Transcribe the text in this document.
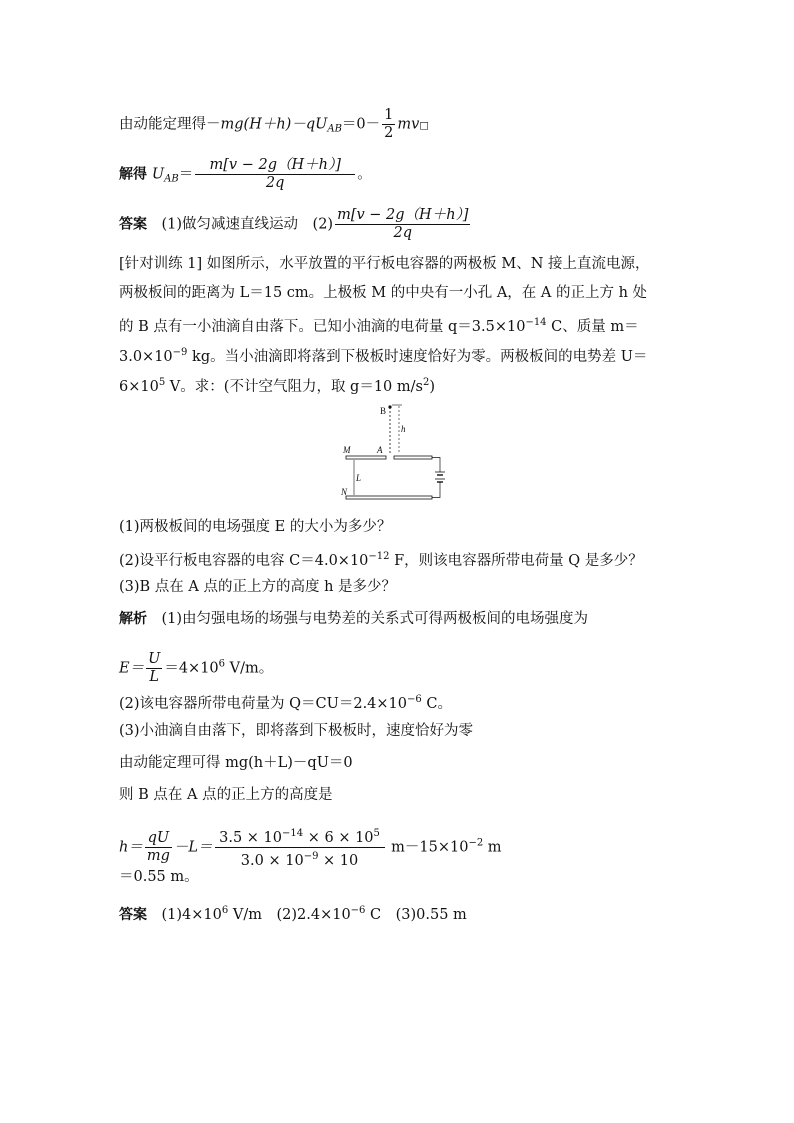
由动能定理得$-mg(H+h)-qU_{AB}=0- \frac{1}{2}$ mv□
解得 $U_{AB}= \frac{m[v - 2g(H+h)]}{2q}$ 。
答案　 (1)做匀减速直线运动　$(2) \frac{m[v - 2g(H+h)]}{2q}$
[针对训练 1] 如图所示，水平放置的平行板电容器的两极板 M、N 接上直流电源，
两极板间的距离为 L＝15 cm。上极板 M 的中央有一小孔 A，在 A 的正上方 h 处
的 B 点有一小油滴自由落下。已知小油滴的电荷量 $q=3.5\times 10^{-14}$ C、质量 m＝
$3.0\times 10^{-9}$ kg。当小油滴即将落到下极板时速度恰好为零。两极板间的电势差 U＝
$6\times 10^5$ V。求：(不计空气阻力，取 g＝10 $m/s^2$)
B
h
M	A
L
N
(1)两极板间的电场强度 E 的大小为多少？
(2)设平行板电容器的电容 $C=4.0\times 10^{-12}$ F，则该电容器所带电荷量 Q 是多少？
(3)B 点在 A 点的正上方的高度 h 是多少？
解析　(1)由匀强电场的场强与电势差的关系式可得两极板间的电场强度为
$E= \frac{U}{L} =4\times 10^6$ V/m。
(2)该电容器所带电荷量为 $Q=CU=2.4\times 10^{-6}$ C。
(3)小油滴自由落下，即将落到下极板时，速度恰好为零
由动能定理可得 mg(h＋L)－qU＝0
则 B 点在 A 点的正上方的高度是
$h= \frac{qU}{mg} -L= \frac{3.5 \times 10^{-14} \times 6 \times 10^5}{3.0 \times 10^{-9} \times 10} m-15\times 10^{-2}$ m
＝0.55 m。
答案　$(1)4\times 10^6$ V/m　$(2)2.4\times 10^{-6}$ C　(3)0.55 m
